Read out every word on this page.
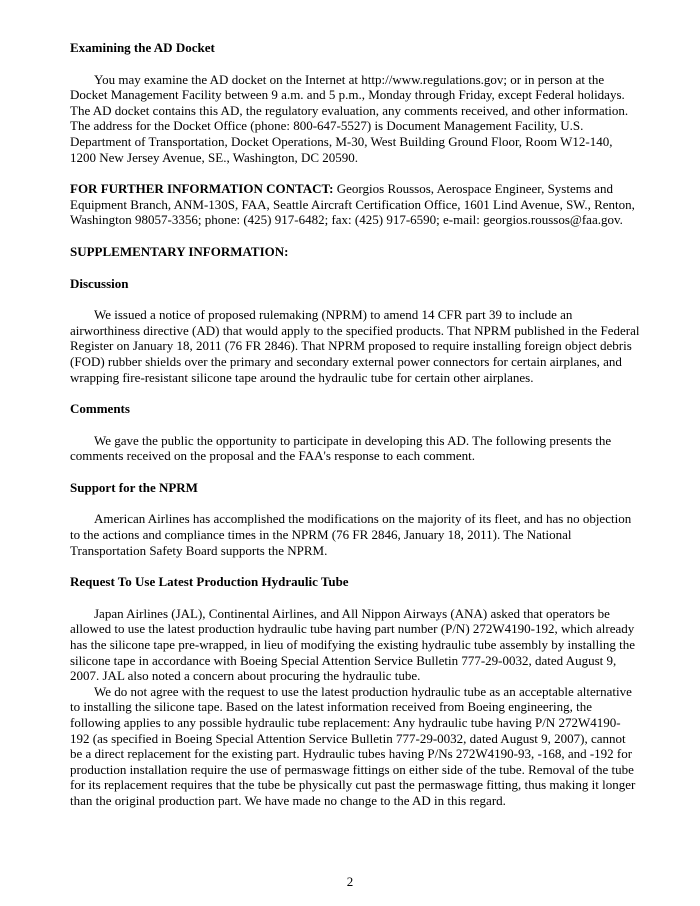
Examining the AD Docket

You may examine the AD docket on the Internet at http://www.regulations.gov; or in person at the Docket Management Facility between 9 a.m. and 5 p.m., Monday through Friday, except Federal holidays. The AD docket contains this AD, the regulatory evaluation, any comments received, and other information. The address for the Docket Office (phone: 800-647-5527) is Document Management Facility, U.S. Department of Transportation, Docket Operations, M-30, West Building Ground Floor, Room W12-140, 1200 New Jersey Avenue, SE., Washington, DC 20590.

FOR FURTHER INFORMATION CONTACT: Georgios Roussos, Aerospace Engineer, Systems and Equipment Branch, ANM-130S, FAA, Seattle Aircraft Certification Office, 1601 Lind Avenue, SW., Renton, Washington 98057-3356; phone: (425) 917-6482; fax: (425) 917-6590; e-mail: georgios.roussos@faa.gov.

SUPPLEMENTARY INFORMATION:
Discussion

We issued a notice of proposed rulemaking (NPRM) to amend 14 CFR part 39 to include an airworthiness directive (AD) that would apply to the specified products. That NPRM published in the Federal Register on January 18, 2011 (76 FR 2846). That NPRM proposed to require installing foreign object debris (FOD) rubber shields over the primary and secondary external power connectors for certain airplanes, and wrapping fire-resistant silicone tape around the hydraulic tube for certain other airplanes.

Comments

We gave the public the opportunity to participate in developing this AD. The following presents the comments received on the proposal and the FAA's response to each comment.

Support for the NPRM

American Airlines has accomplished the modifications on the majority of its fleet, and has no objection to the actions and compliance times in the NPRM (76 FR 2846, January 18, 2011). The National Transportation Safety Board supports the NPRM.

Request To Use Latest Production Hydraulic Tube

Japan Airlines (JAL), Continental Airlines, and All Nippon Airways (ANA) asked that operators be allowed to use the latest production hydraulic tube having part number (P/N) 272W4190-192, which already has the silicone tape pre-wrapped, in lieu of modifying the existing hydraulic tube assembly by installing the silicone tape in accordance with Boeing Special Attention Service Bulletin 777-29-0032, dated August 9, 2007. JAL also noted a concern about procuring the hydraulic tube.

We do not agree with the request to use the latest production hydraulic tube as an acceptable alternative to installing the silicone tape. Based on the latest information received from Boeing engineering, the following applies to any possible hydraulic tube replacement: Any hydraulic tube having P/N 272W4190-192 (as specified in Boeing Special Attention Service Bulletin 777-29-0032, dated August 9, 2007), cannot be a direct replacement for the existing part. Hydraulic tubes having P/Ns 272W4190-93, -168, and -192 for production installation require the use of permaswage fittings on either side of the tube. Removal of the tube for its replacement requires that the tube be physically cut past the permaswage fitting, thus making it longer than the original production part. We have made no change to the AD in this regard.

2
